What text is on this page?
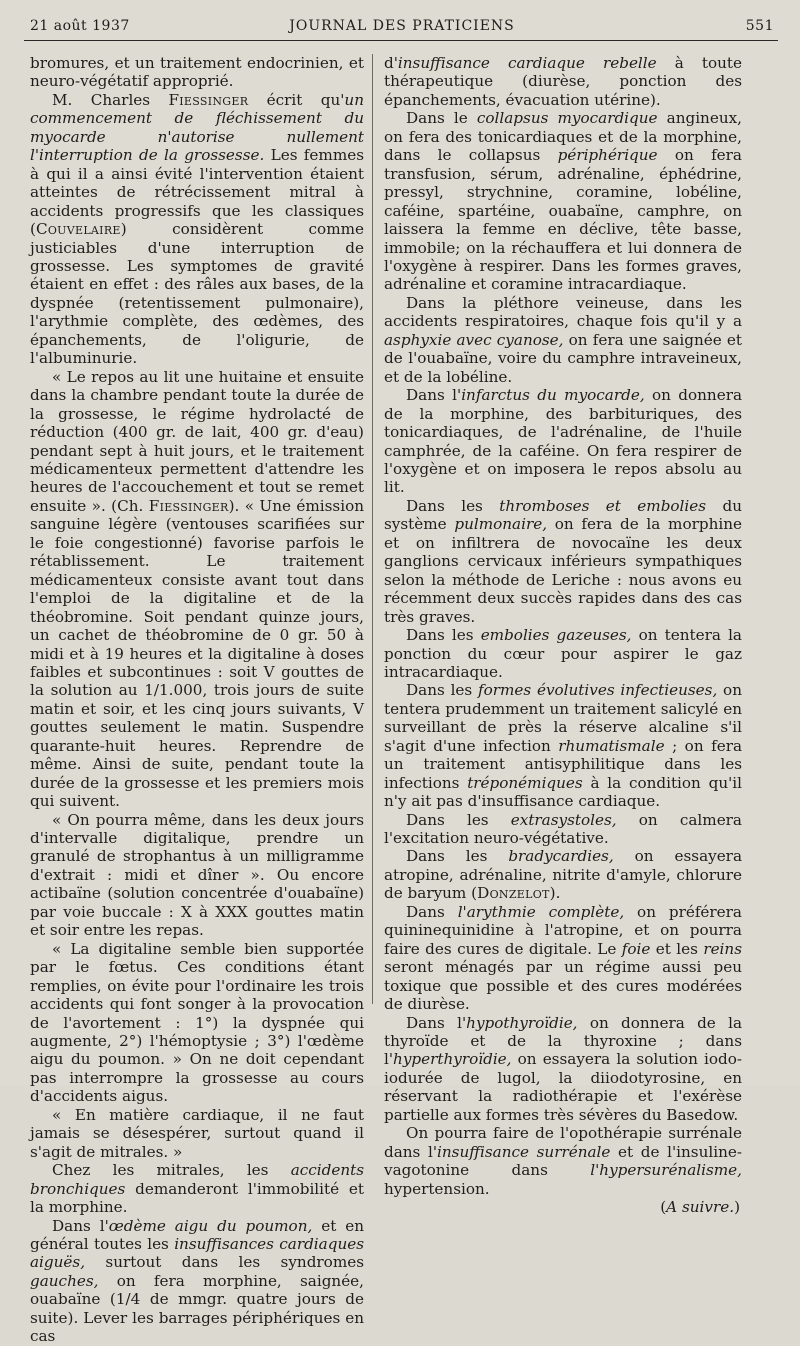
21 août 1937	JOURNAL DES PRATICIENS	551

bromures, et un traitement endocrinien, et neuro-végétatif approprié.

M. Charles Fiessinger écrit qu'un commencement de fléchissement du myocarde n'autorise nullement l'interruption de la grossesse. Les femmes à qui il a ainsi évité l'intervention étaient atteintes de rétrécissement mitral à accidents progressifs que les classiques (Couvelaire) considèrent comme justiciables d'une interruption de grossesse. Les symptomes de gravité étaient en effet : des râles aux bases, de la dyspnée (retentissement pulmonaire), l'arythmie complète, des œdèmes, des épanchements, de l'oligurie, de l'albuminurie.

« Le repos au lit une huitaine et ensuite dans la chambre pendant toute la durée de la grossesse, le régime hydrolacté de réduction (400 gr. de lait, 400 gr. d'eau) pendant sept à huit jours, et le traitement médicamenteux permettent d'attendre les heures de l'accouchement et tout se remet ensuite ». (Ch. Fiessinger). « Une émission sanguine légère (ventouses scarifiées sur le foie congestionné) favorise parfois le rétablissement. Le traitement médicamenteux consiste avant tout dans l'emploi de la digitaline et de la théobromine. Soit pendant quinze jours, un cachet de théobromine de 0 gr. 50 à midi et à 19 heures et la digitaline à doses faibles et subcontinues : soit V gouttes de la solution au 1/1.000, trois jours de suite matin et soir, et les cinq jours suivants, V gouttes seulement le matin. Suspendre quarante-huit heures. Reprendre de même. Ainsi de suite, pendant toute la durée de la grossesse et les premiers mois qui suivent.

« On pourra même, dans les deux jours d'intervalle digitalique, prendre un granulé de strophantus à un milligramme d'extrait : midi et dîner ». Ou encore actibaïne (solution concentrée d'ouabaïne) par voie buccale : X à XXX gouttes matin et soir entre les repas.

« La digitaline semble bien supportée par le fœtus. Ces conditions étant remplies, on évite pour l'ordinaire les trois accidents qui font songer à la provocation de l'avortement : 1°) la dyspnée qui augmente, 2°) l'hémoptysie ; 3°) l'œdème aigu du poumon. » On ne doit cependant pas interrompre la grossesse au cours d'accidents aigus.

« En matière cardiaque, il ne faut jamais se désespérer, surtout quand il s'agit de mitrales. »

Chez les mitrales, les accidents bronchiques demanderont l'immobilité et la morphine.

Dans l'œdème aigu du poumon, et en général toutes les insuffisances cardiaques aiguës, surtout dans les syndromes gauches, on fera morphine, saignée, ouabaïne (1/4 de mmgr. quatre jours de suite). Lever les barrages périphériques en cas

d'insuffisance cardiaque rebelle à toute thérapeutique (diurèse, ponction des épanchements, évacuation utérine).

Dans le collapsus myocardique angineux, on fera des tonicardiaques et de la morphine, dans le collapsus périphérique on fera transfusion, sérum, adrénaline, éphédrine, pressyl, strychnine, coramine, lobéline, caféine, spartéine, ouabaïne, camphre, on laissera la femme en déclive, tête basse, immobile; on la réchauffera et lui donnera de l'oxygène à respirer. Dans les formes graves, adrénaline et coramine intracardiaque.

Dans la pléthore veineuse, dans les accidents respiratoires, chaque fois qu'il y a asphyxie avec cyanose, on fera une saignée et de l'ouabaïne, voire du camphre intraveineux, et de la lobéline.

Dans l'infarctus du myocarde, on donnera de la morphine, des barbituriques, des tonicardiaques, de l'adrénaline, de l'huile camphrée, de la caféine. On fera respirer de l'oxygène et on imposera le repos absolu au lit.

Dans les thromboses et embolies du système pulmonaire, on fera de la morphine et on infiltrera de novocaïne les deux ganglions cervicaux inférieurs sympathiques selon la méthode de Leriche : nous avons eu récemment deux succès rapides dans des cas très graves.

Dans les embolies gazeuses, on tentera la ponction du cœur pour aspirer le gaz intracardiaque.

Dans les formes évolutives infectieuses, on tentera prudemment un traitement salicylé en surveillant de près la réserve alcaline s'il s'agit d'une infection rhumatismale ; on fera un traitement antisyphilitique dans les infections tréponémiques à la condition qu'il n'y ait pas d'insuffisance cardiaque.

Dans les extrasystoles, on calmera l'excitation neuro-végétative.

Dans les bradycardies, on essayera atropine, adrénaline, nitrite d'amyle, chlorure de baryum (Donzelot).

Dans l'arythmie complète, on préférera quininequinidine à l'atropine, et on pourra faire des cures de digitale. Le foie et les reins seront ménagés par un régime aussi peu toxique que possible et des cures modérées de diurèse.

Dans l'hypothyroïdie, on donnera de la thyroïde et de la thyroxine ; dans l'hyperthyroïdie, on essayera la solution iodo-iodurée de lugol, la diiodotyrosine, en réservant la radiothérapie et l'exérèse partielle aux formes très sévères du Basedow.

On pourra faire de l'opothérapie surrénale dans l'insuffisance surrénale et de l'insuline-vagotonine dans l'hypersurénalisme, hypertension.

(A suivre.)
